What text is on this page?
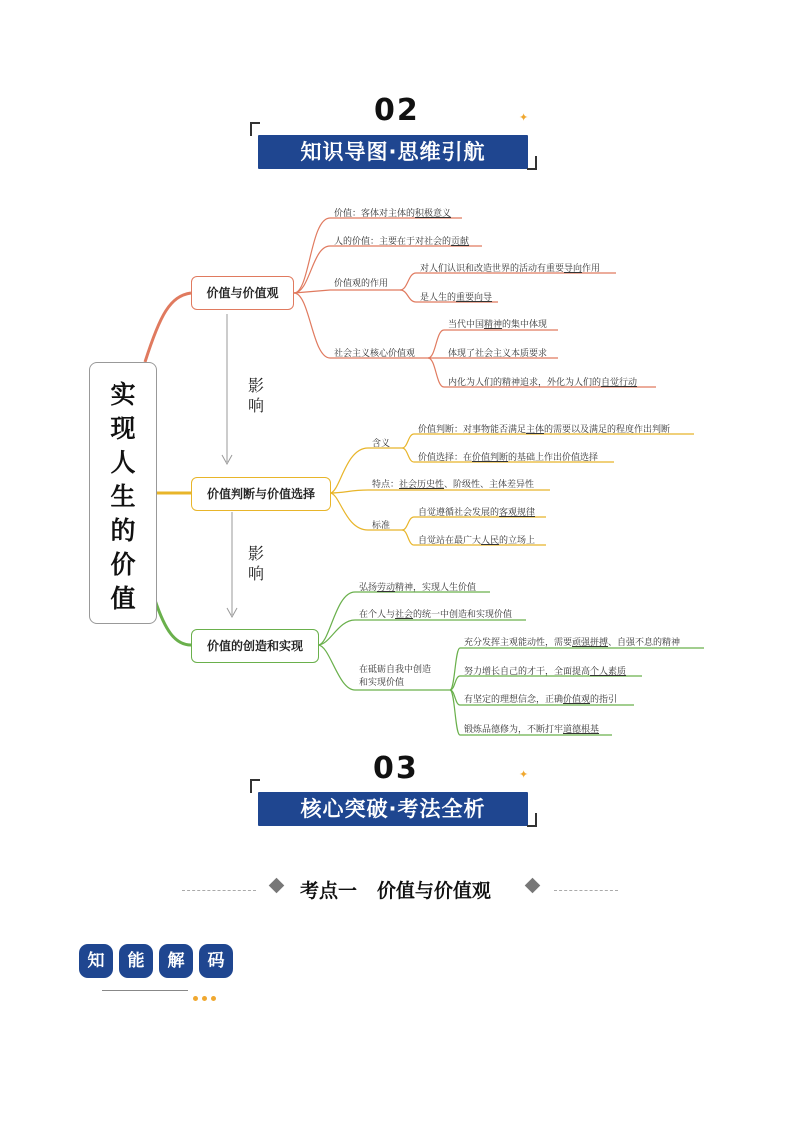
02	✦
知识导图·思维引航
实
现
人
生
的
价
值
影
响
影
响
价值与价值观
价值判断与价值选择
价值的创造和实现
价值：客体对主体的积极意义
人的价值：主要在于对社会的贡献
价值观的作用
对人们认识和改造世界的活动有重要导向作用
是人生的重要向导
社会主义核心价值观
当代中国精神的集中体现
体现了社会主义本质要求
内化为人们的精神追求，外化为人们的自觉行动
含义
价值判断：对事物能否满足主体的需要以及满足的程度作出判断
价值选择：在价值判断的基础上作出价值选择
特点：社会历史性、阶级性、主体差异性
标准
自觉遵循社会发展的客观规律
自觉站在最广大人民的立场上
弘扬劳动精神，实现人生价值
在个人与社会的统一中创造和实现价值
在砥砺自我中创造
和实现价值
充分发挥主观能动性，需要顽强拼搏、自强不息的精神
努力增长自己的才干，全面提高个人素质
有坚定的理想信念，正确价值观的指引
锻炼品德修为，不断打牢道德根基
03	✦
核心突破·考法全析
考点一   价值与价值观
知	能	解	码
